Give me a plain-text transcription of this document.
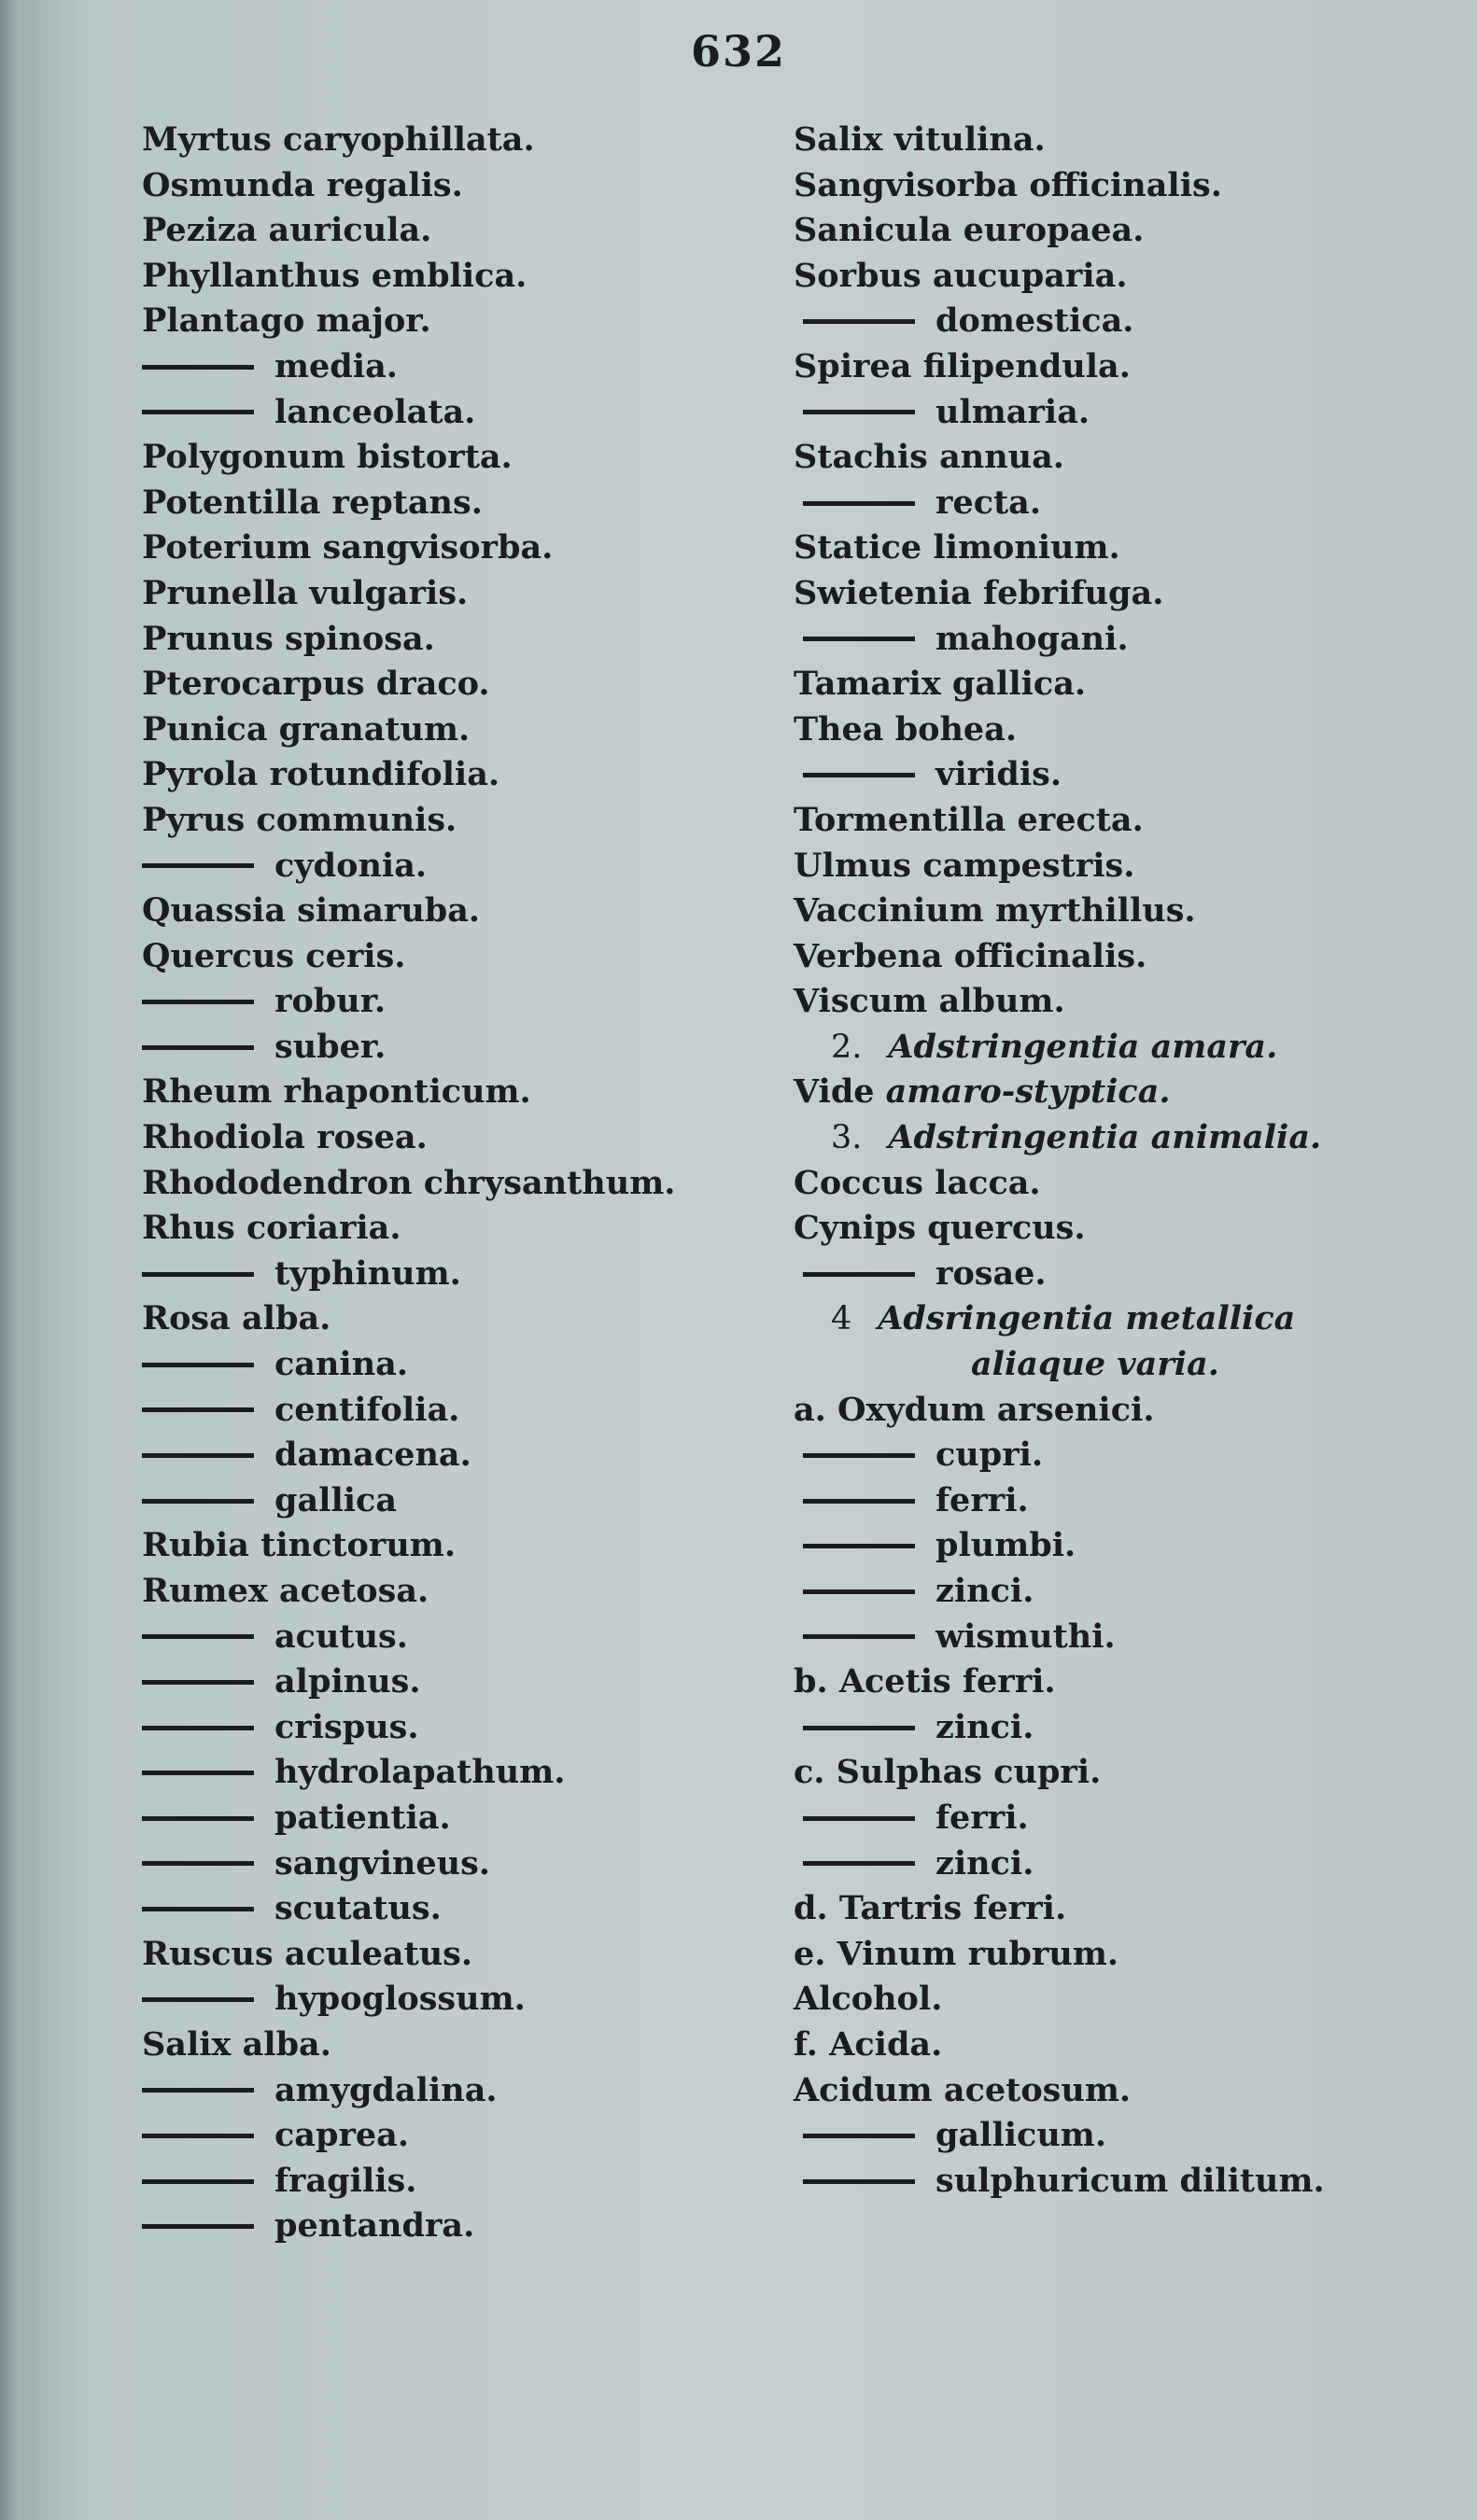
632
Myrtus caryophillata.
Osmunda regalis.
Peziza auricula.
Phyllanthus emblica.
Plantago major.
media.
lanceolata.
Polygonum bistorta.
Potentilla reptans.
Poterium sangvisorba.
Prunella vulgaris.
Prunus spinosa.
Pterocarpus draco.
Punica granatum.
Pyrola rotundifolia.
Pyrus communis.
cydonia.
Quassia simaruba.
Quercus ceris.
robur.
suber.
Rheum rhaponticum.
Rhodiola rosea.
Rhododendron chrysanthum.
Rhus coriaria.
typhinum.
Rosa alba.
canina.
centifolia.
damacena.
gallica
Rubia tinctorum.
Rumex acetosa.
acutus.
alpinus.
crispus.
hydrolapathum.
patientia.
sangvineus.
scutatus.
Ruscus aculeatus.
hypoglossum.
Salix alba.
amygdalina.
caprea.
fragilis.
pentandra.
Salix vitulina.
Sangvisorba officinalis.
Sanicula europaea.
Sorbus aucuparia.
domestica.
Spirea filipendula.
ulmaria.
Stachis annua.
recta.
Statice limonium.
Swietenia febrifuga.
mahogani.
Tamarix gallica.
Thea bohea.
viridis.
Tormentilla erecta.
Ulmus campestris.
Vaccinium myrthillus.
Verbena officinalis.
Viscum album.
2. Adstringentia amara.
Vide amaro-styptica.
3. Adstringentia animalia.
Coccus lacca.
Cynips quercus.
rosae.
4 Adsringentia metallica
aliaque varia.
a. Oxydum arsenici.
cupri.
ferri.
plumbi.
zinci.
wismuthi.
b. Acetis ferri.
zinci.
c. Sulphas cupri.
ferri.
zinci.
d. Tartris ferri.
e. Vinum rubrum.
Alcohol.
f. Acida.
Acidum acetosum.
gallicum.
sulphuricum dilitum.
